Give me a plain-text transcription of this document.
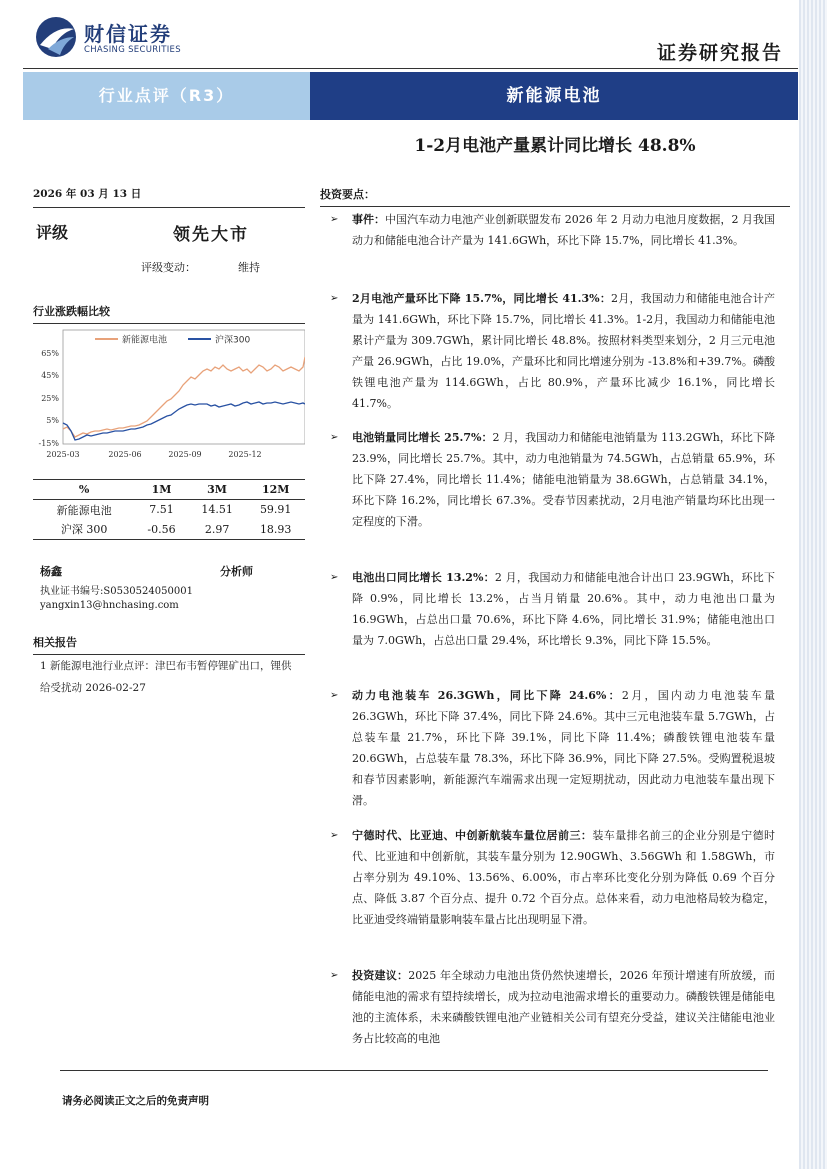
财信证券
CHASING SECURITIES	证券研究报告
行业点评（R3）	新能源电池
1-2月电池产量累计同比增长 48.8%
2026 年 03 月 13 日
评级	领先大市
评级变动：	维持
行业涨跌幅比较
新能源电池	沪深300
65%
45%
25%
5%
-15%
2025-03	2025-06	2025-09	2025-12
%	1M	3M	12M
新能源电池	7.51	14.51	59.91
沪深 300	-0.56	2.97	18.93
杨鑫	分析师
执业证书编号:S0530524050001
yangxin13@hnchasing.com
相关报告
1 新能源电池行业点评：津巴布韦暂停锂矿出口，锂供给受扰动 2026-02-27
投资要点：
➢ 事件：中国汽车动力电池产业创新联盟发布 2026 年 2 月动力电池月度数据，2 月我国动力和储能电池合计产量为 141.6GWh，环比下降 15.7%，同比增长 41.3%。
➢ 2月电池产量环比下降 15.7%，同比增长 41.3%：2月，我国动力和储能电池合计产量为 141.6GWh，环比下降 15.7%，同比增长 41.3%。1-2月，我国动力和储能电池累计产量为 309.7GWh，累计同比增长 48.8%。按照材料类型来划分，2 月三元电池产量 26.9GWh，占比 19.0%，产量环比和同比增速分别为 -13.8%和+39.7%。磷酸铁锂电池产量为 114.6GWh，占比 80.9%，产量环比减少 16.1%，同比增长 41.7%。
➢ 电池销量同比增长 25.7%：2 月，我国动力和储能电池销量为 113.2GWh，环比下降 23.9%，同比增长 25.7%。其中，动力电池销量为 74.5GWh，占总销量 65.9%，环比下降 27.4%，同比增长 11.4%；储能电池销量为 38.6GWh，占总销量 34.1%，环比下降 16.2%，同比增长 67.3%。受春节因素扰动，2月电池产销量均环比出现一定程度的下滑。
➢ 电池出口同比增长 13.2%：2 月，我国动力和储能电池合计出口 23.9GWh，环比下降 0.9%，同比增长 13.2%，占当月销量 20.6%。其中，动力电池出口量为 16.9GWh，占总出口量 70.6%，环比下降 4.6%，同比增长 31.9%；储能电池出口量为 7.0GWh，占总出口量 29.4%，环比增长 9.3%，同比下降 15.5%。
➢ 动力电池装车 26.3GWh，同比下降 24.6%：2月，国内动力电池装车量 26.3GWh，环比下降 37.4%，同比下降 24.6%。其中三元电池装车量 5.7GWh，占总装车量 21.7%，环比下降 39.1%，同比下降 11.4%；磷酸铁锂电池装车量 20.6GWh，占总装车量 78.3%，环比下降 36.9%，同比下降 27.5%。受购置税退坡和春节因素影响，新能源汽车端需求出现一定短期扰动，因此动力电池装车量出现下滑。
➢ 宁德时代、比亚迪、中创新航装车量位居前三：装车量排名前三的企业分别是宁德时代、比亚迪和中创新航，其装车量分别为 12.90GWh、3.56GWh 和 1.58GWh，市占率分别为 49.10%、13.56%、6.00%，市占率环比变化分别为降低 0.69 个百分点、降低 3.87 个百分点、提升 0.72 个百分点。总体来看，动力电池格局较为稳定，比亚迪受终端销量影响装车量占比出现明显下滑。
➢ 投资建议：2025 年全球动力电池出货仍然快速增长，2026 年预计增速有所放缓，而储能电池的需求有望持续增长，成为拉动电池需求增长的重要动力。磷酸铁锂是储能电池的主流体系，未来磷酸铁锂电池产业链相关公司有望充分受益，建议关注储能电池业务占比较高的电池
请务必阅读正文之后的免责声明
